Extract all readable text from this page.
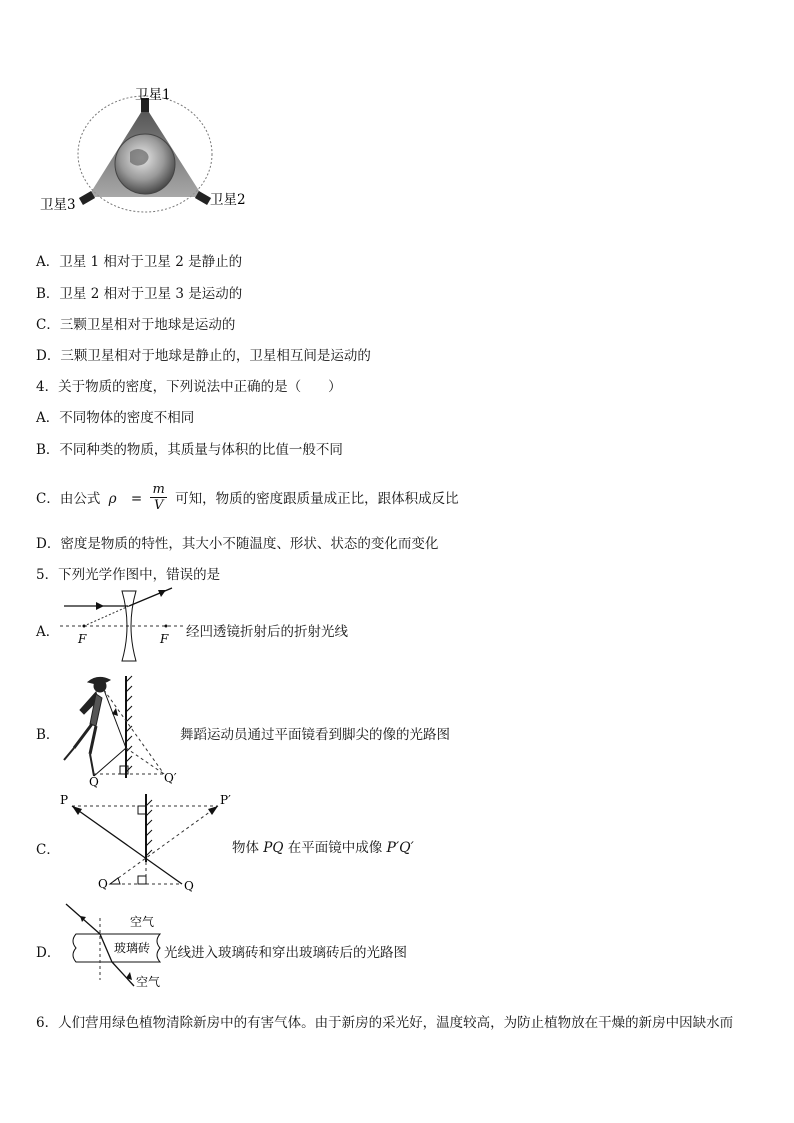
卫星1
卫星2
卫星3
A．卫星 1 相对于卫星 2 是静止的
B．卫星 2 相对于卫星 3 是运动的
C．三颗卫星相对于地球是运动的
D．三颗卫星相对于地球是静止的，卫星相互间是运动的
4．关于物质的密度，下列说法中正确的是（　　）
A．不同物体的密度不相同
B．不同种类的物质，其质量与体积的比值一般不同
C．由公式 $\rho = \frac{m}{V}$ 可知，物质的密度跟质量成正比，跟体积成反比
D．密度是物质的特性，其大小不随温度、形状、状态的变化而变化
5．下列光学作图中，错误的是
A． F	F 经凹透镜折射后的折射光线
B．
Q	Q′
舞蹈运动员通过平面镜看到脚尖的像的光路图
C．
P	P′
Q	Q
物体 PQ 在平面镜中成像 P′Q′
D．
空气
玻璃砖
空气
光线进入玻璃砖和穿出玻璃砖后的光路图
6．人们营用绿色植物清除新房中的有害气体。由于新房的采光好，温度较高，为防止植物放在干燥的新房中因缺水而
